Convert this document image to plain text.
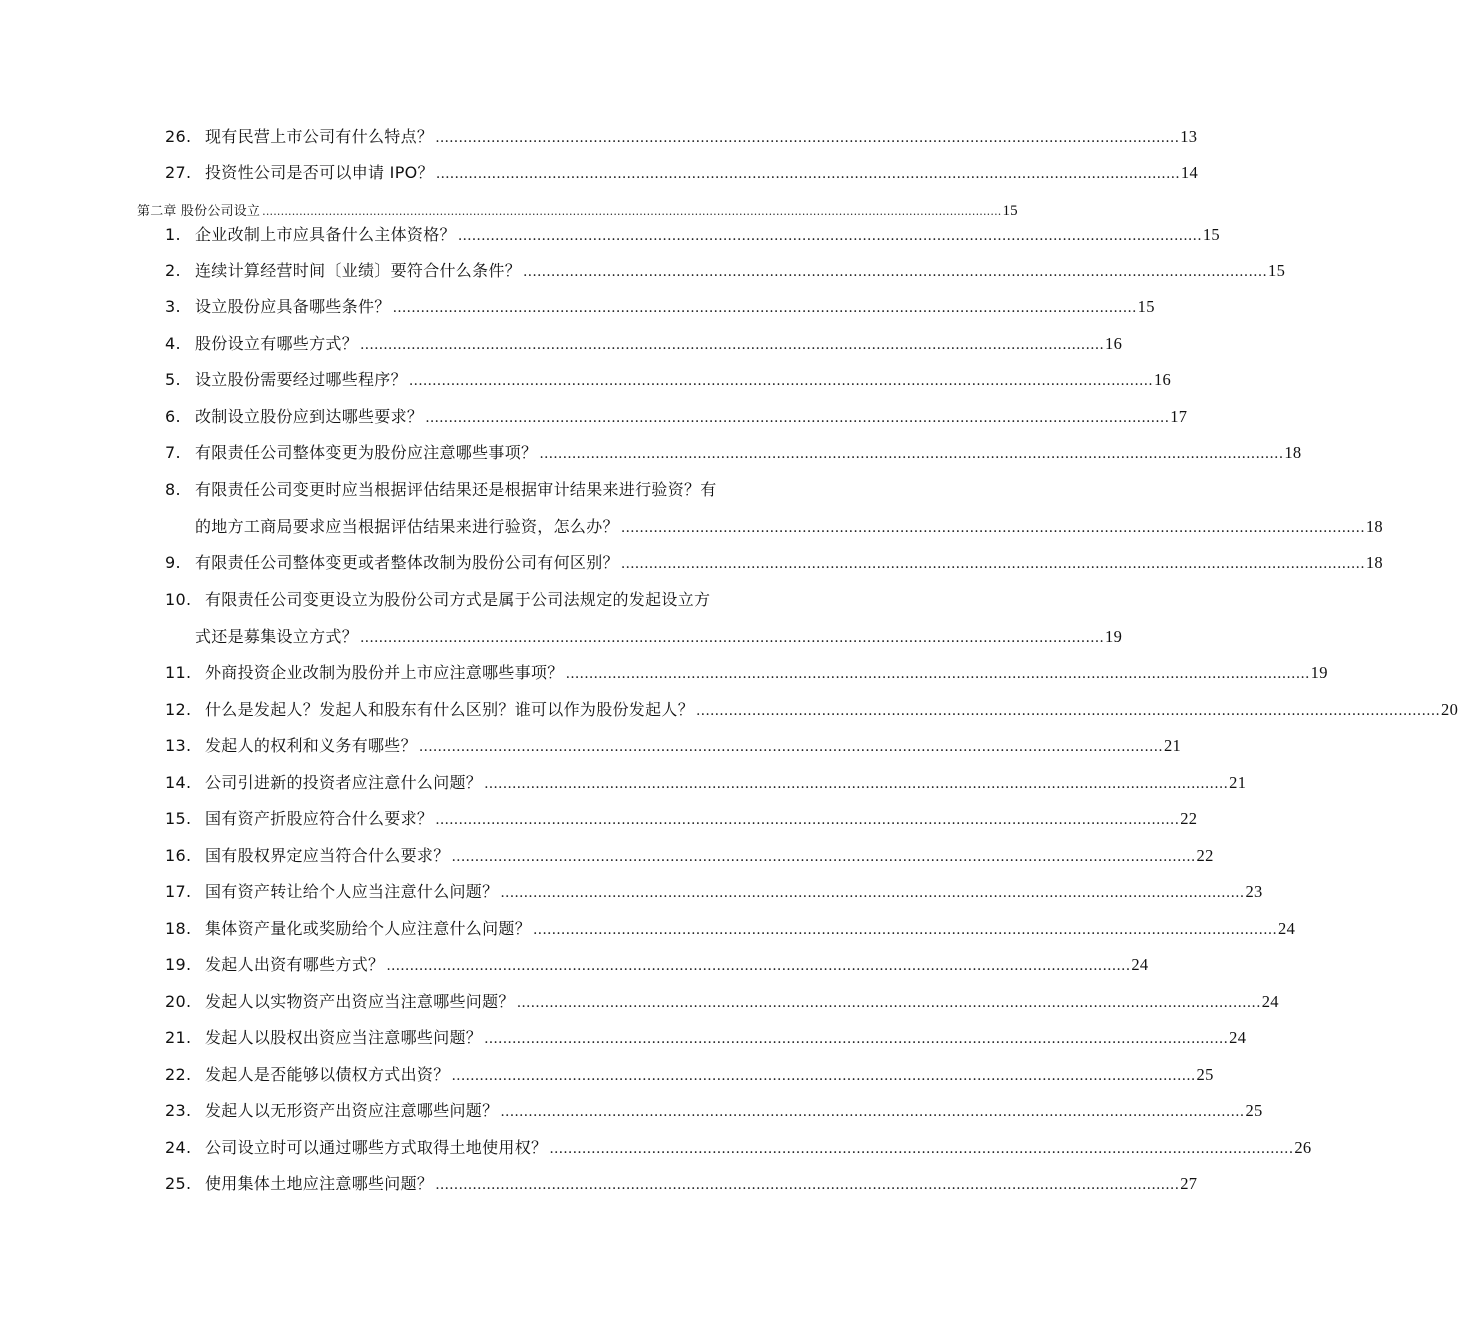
26. 现有民营上市公司有什么特点？ ................................................................................................................................................................ 13
27. 投资性公司是否可以申请 IPO？ ................................................................................................................................................................ 14
第二章 股份公司设立 ........................................................................................................................................................................................................ 15
1. 企业改制上市应具备什么主体资格？ ................................................................................................................................................................ 15
2. 连续计算经营时间〔业绩〕要符合什么条件？ ................................................................................................................................................................ 15
3. 设立股份应具备哪些条件？ ................................................................................................................................................................ 15
4. 股份设立有哪些方式？ ................................................................................................................................................................ 16
5. 设立股份需要经过哪些程序？ ................................................................................................................................................................ 16
6. 改制设立股份应到达哪些要求？ ................................................................................................................................................................ 17
7. 有限责任公司整体变更为股份应注意哪些事项？ ................................................................................................................................................................ 18
8. 有限责任公司变更时应当根据评估结果还是根据审计结果来进行验资？有
的地方工商局要求应当根据评估结果来进行验资，怎么办？ ................................................................................................................................................................ 18
9. 有限责任公司整体变更或者整体改制为股份公司有何区别？ ................................................................................................................................................................ 18
10. 有限责任公司变更设立为股份公司方式是属于公司法规定的发起设立方
式还是募集设立方式？ ................................................................................................................................................................ 19
11. 外商投资企业改制为股份并上市应注意哪些事项？ ................................................................................................................................................................ 19
12. 什么是发起人？发起人和股东有什么区别？谁可以作为股份发起人？ ................................................................................................................................................................ 20
13. 发起人的权利和义务有哪些？ ................................................................................................................................................................ 21
14. 公司引进新的投资者应注意什么问题？ ................................................................................................................................................................ 21
15. 国有资产折股应符合什么要求？ ................................................................................................................................................................ 22
16. 国有股权界定应当符合什么要求？ ................................................................................................................................................................ 22
17. 国有资产转让给个人应当注意什么问题？ ................................................................................................................................................................ 23
18. 集体资产量化或奖励给个人应注意什么问题？ ................................................................................................................................................................ 24
19. 发起人出资有哪些方式？ ................................................................................................................................................................ 24
20. 发起人以实物资产出资应当注意哪些问题？ ................................................................................................................................................................ 24
21. 发起人以股权出资应当注意哪些问题？ ................................................................................................................................................................ 24
22. 发起人是否能够以债权方式出资？ ................................................................................................................................................................ 25
23. 发起人以无形资产出资应注意哪些问题？ ................................................................................................................................................................ 25
24. 公司设立时可以通过哪些方式取得土地使用权？ ................................................................................................................................................................ 26
25. 使用集体土地应注意哪些问题？ ................................................................................................................................................................ 27
